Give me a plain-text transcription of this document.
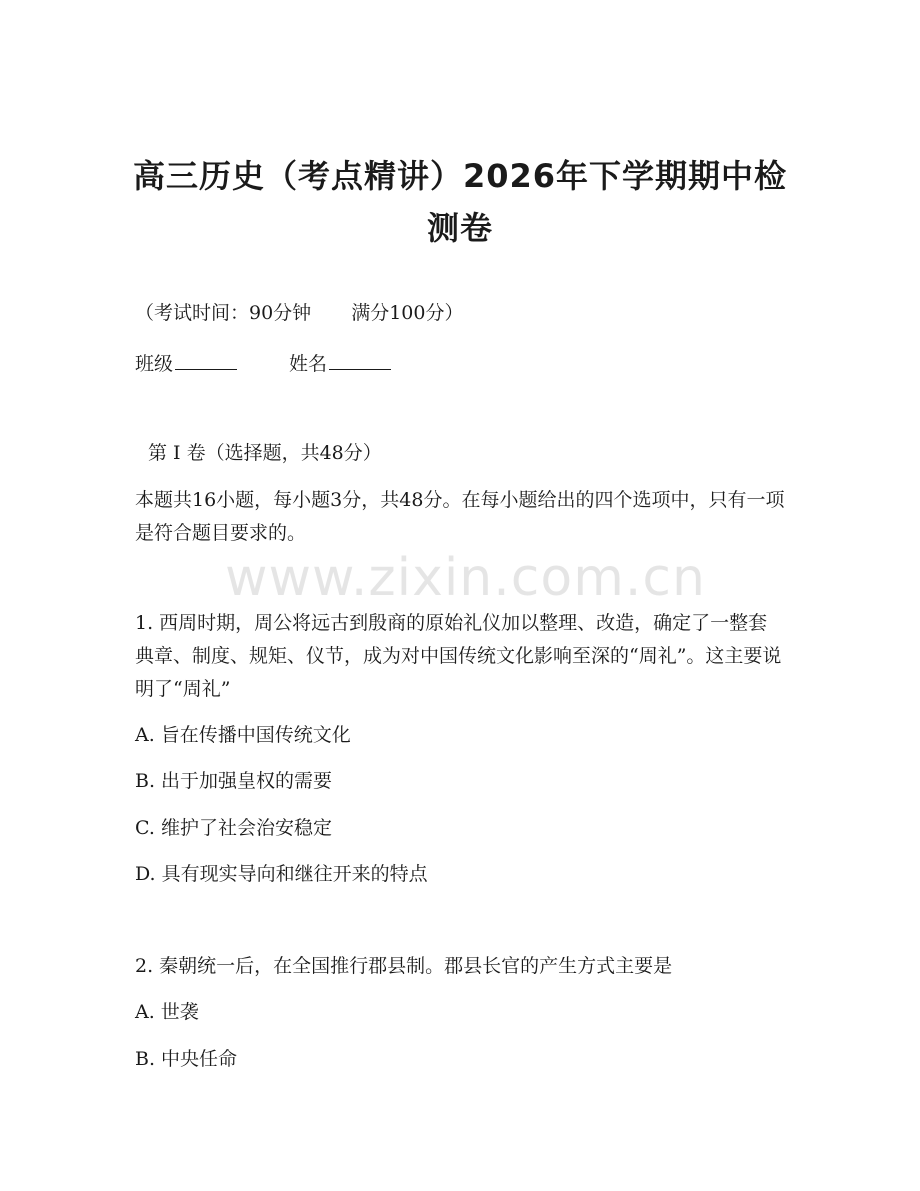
高三历史（考点精讲）2026年下学期期中检测卷
（考试时间：90分钟 满分100分）
班级	姓名
第 I 卷（选择题，共48分）
本题共16小题，每小题3分，共48分。在每小题给出的四个选项中，只有一项是符合题目要求的。
www.zixin.com.cn
1. 西周时期，周公将远古到殷商的原始礼仪加以整理、改造，确定了一整套典章、制度、规矩、仪节，成为对中国传统文化影响至深的“周礼”。这主要说明了“周礼”
A. 旨在传播中国传统文化
B. 出于加强皇权的需要
C. 维护了社会治安稳定
D. 具有现实导向和继往开来的特点
2. 秦朝统一后，在全国推行郡县制。郡县长官的产生方式主要是
A. 世袭
B. 中央任命
